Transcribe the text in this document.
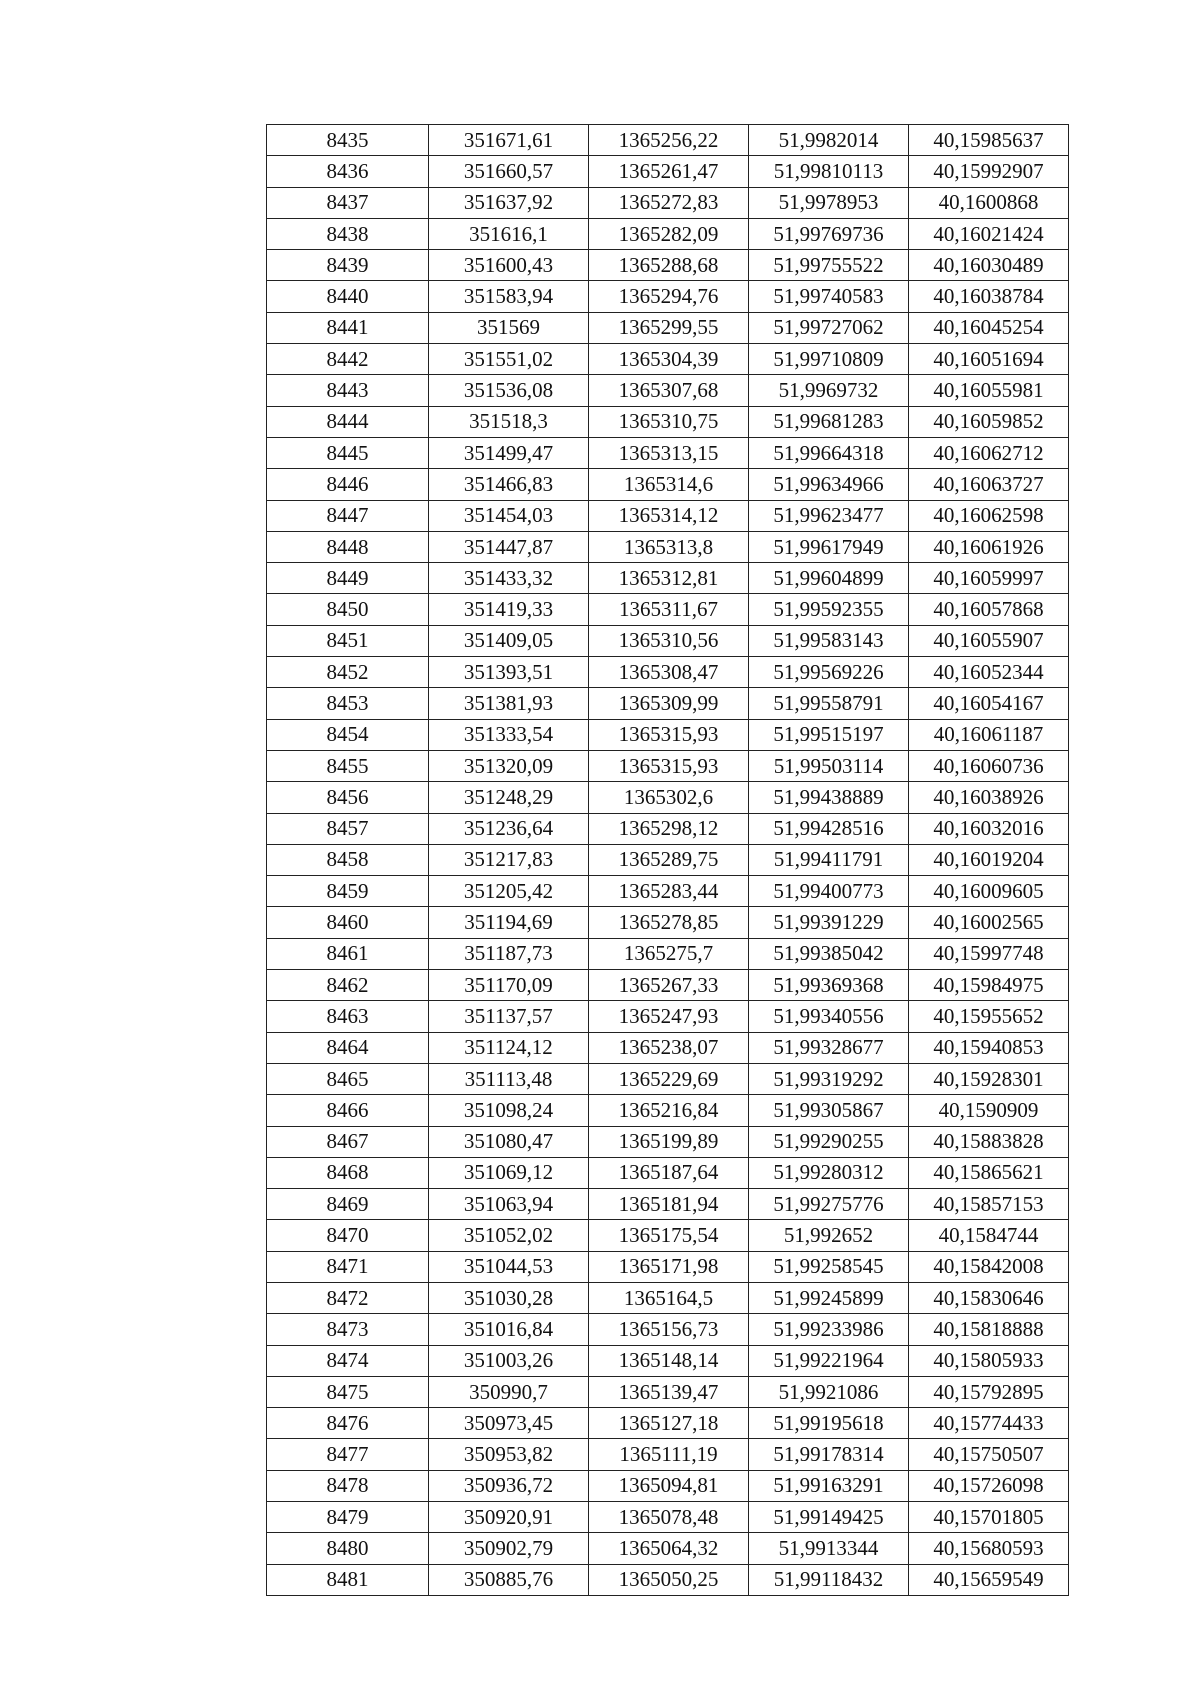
8435	351671,61	1365256,22	51,9982014	40,15985637
8436	351660,57	1365261,47	51,99810113	40,15992907
8437	351637,92	1365272,83	51,9978953	40,1600868
8438	351616,1	1365282,09	51,99769736	40,16021424
8439	351600,43	1365288,68	51,99755522	40,16030489
8440	351583,94	1365294,76	51,99740583	40,16038784
8441	351569	1365299,55	51,99727062	40,16045254
8442	351551,02	1365304,39	51,99710809	40,16051694
8443	351536,08	1365307,68	51,9969732	40,16055981
8444	351518,3	1365310,75	51,99681283	40,16059852
8445	351499,47	1365313,15	51,99664318	40,16062712
8446	351466,83	1365314,6	51,99634966	40,16063727
8447	351454,03	1365314,12	51,99623477	40,16062598
8448	351447,87	1365313,8	51,99617949	40,16061926
8449	351433,32	1365312,81	51,99604899	40,16059997
8450	351419,33	1365311,67	51,99592355	40,16057868
8451	351409,05	1365310,56	51,99583143	40,16055907
8452	351393,51	1365308,47	51,99569226	40,16052344
8453	351381,93	1365309,99	51,99558791	40,16054167
8454	351333,54	1365315,93	51,99515197	40,16061187
8455	351320,09	1365315,93	51,99503114	40,16060736
8456	351248,29	1365302,6	51,99438889	40,16038926
8457	351236,64	1365298,12	51,99428516	40,16032016
8458	351217,83	1365289,75	51,99411791	40,16019204
8459	351205,42	1365283,44	51,99400773	40,16009605
8460	351194,69	1365278,85	51,99391229	40,16002565
8461	351187,73	1365275,7	51,99385042	40,15997748
8462	351170,09	1365267,33	51,99369368	40,15984975
8463	351137,57	1365247,93	51,99340556	40,15955652
8464	351124,12	1365238,07	51,99328677	40,15940853
8465	351113,48	1365229,69	51,99319292	40,15928301
8466	351098,24	1365216,84	51,99305867	40,1590909
8467	351080,47	1365199,89	51,99290255	40,15883828
8468	351069,12	1365187,64	51,99280312	40,15865621
8469	351063,94	1365181,94	51,99275776	40,15857153
8470	351052,02	1365175,54	51,992652	40,1584744
8471	351044,53	1365171,98	51,99258545	40,15842008
8472	351030,28	1365164,5	51,99245899	40,15830646
8473	351016,84	1365156,73	51,99233986	40,15818888
8474	351003,26	1365148,14	51,99221964	40,15805933
8475	350990,7	1365139,47	51,9921086	40,15792895
8476	350973,45	1365127,18	51,99195618	40,15774433
8477	350953,82	1365111,19	51,99178314	40,15750507
8478	350936,72	1365094,81	51,99163291	40,15726098
8479	350920,91	1365078,48	51,99149425	40,15701805
8480	350902,79	1365064,32	51,9913344	40,15680593
8481	350885,76	1365050,25	51,99118432	40,15659549
